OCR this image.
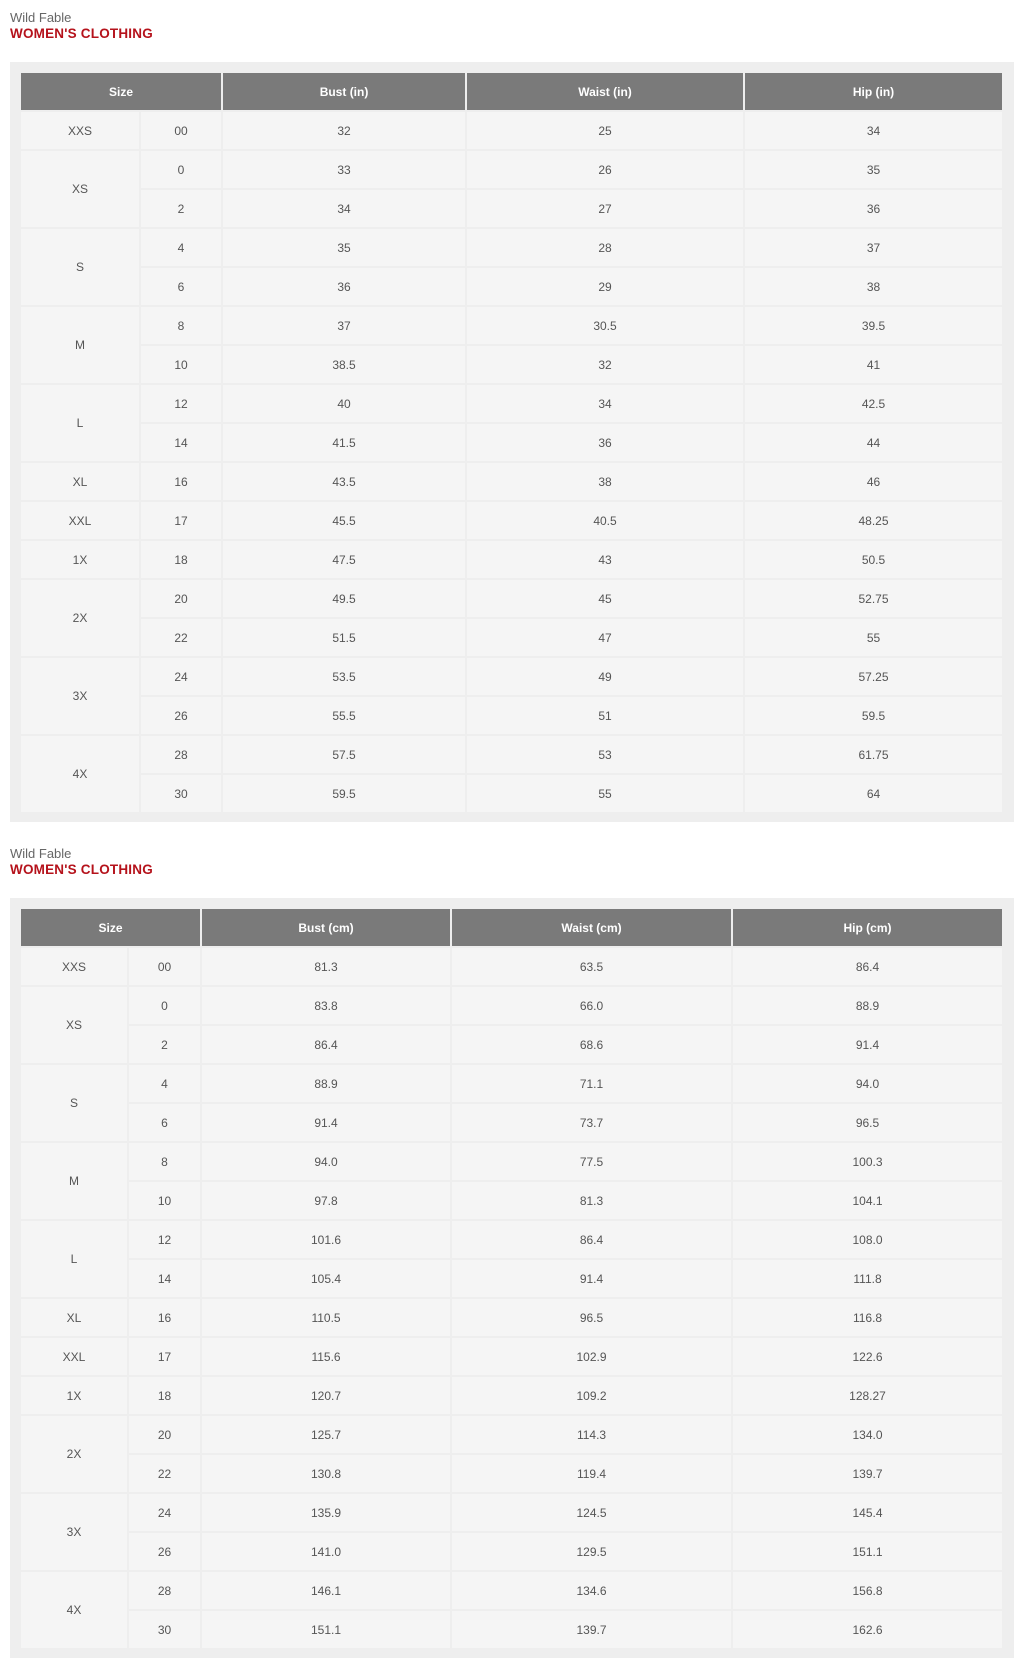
Wild Fable
WOMEN'S CLOTHING
Size		Bust (in)	Waist (in)	Hip (in)
XXS	00	32	25	34
XS	0	33	26	35
	2	34	27	36
S	4	35	28	37
	6	36	29	38
M	8	37	30.5	39.5
	10	38.5	32	41
L	12	40	34	42.5
	14	41.5	36	44
XL	16	43.5	38	46
XXL	17	45.5	40.5	48.25
1X	18	47.5	43	50.5
2X	20	49.5	45	52.75
	22	51.5	47	55
3X	24	53.5	49	57.25
	26	55.5	51	59.5
4X	28	57.5	53	61.75
	30	59.5	55	64
Wild Fable
WOMEN'S CLOTHING
Size		Bust (cm)	Waist (cm)	Hip (cm)
XXS	00	81.3	63.5	86.4
XS	0	83.8	66.0	88.9
	2	86.4	68.6	91.4
S	4	88.9	71.1	94.0
	6	91.4	73.7	96.5
M	8	94.0	77.5	100.3
	10	97.8	81.3	104.1
L	12	101.6	86.4	108.0
	14	105.4	91.4	111.8
XL	16	110.5	96.5	116.8
XXL	17	115.6	102.9	122.6
1X	18	120.7	109.2	128.27
2X	20	125.7	114.3	134.0
	22	130.8	119.4	139.7
3X	24	135.9	124.5	145.4
	26	141.0	129.5	151.1
4X	28	146.1	134.6	156.8
	30	151.1	139.7	162.6
